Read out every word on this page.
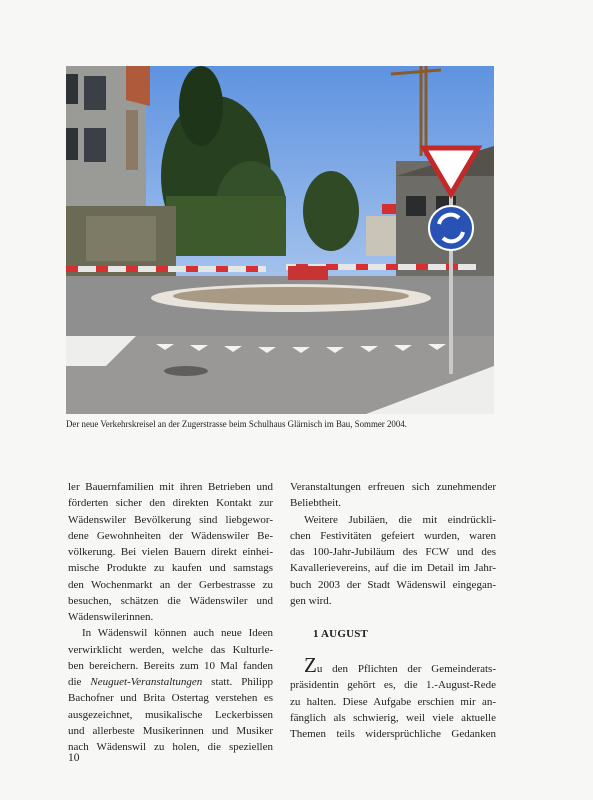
Der neue Verkehrskreisel an der Zugerstrasse beim Schulhaus Glärnisch im Bau, Sommer 2004.

ler Bauernfamilien mit ihren Betrieben und
förderten sicher den direkten Kontakt zur
Wädenswiler Bevölkerung sind liebgewor-
dene Gewohnheiten der Wädenswiler Be-
völkerung. Bei vielen Bauern direkt einhei-
mische Produkte zu kaufen und samstags
den Wochenmarkt an der Gerbestrasse zu
besuchen, schätzen die Wädenswiler und
Wädenswilerinnen.

In Wädenswil können auch neue Ideen
verwirklicht werden, welche das Kulturle-
ben bereichern. Bereits zum 10 Mal fanden
die Neuguet-Veranstaltungen statt. Philipp
Bachofner und Brita Ostertag verstehen es
ausgezeichnet, musikalische Leckerbissen
und allerbeste Musikerinnen und Musiker
nach Wädenswil zu holen, die speziellen

Veranstaltungen erfreuen sich zunehmender
Beliebtheit.

Weitere Jubiläen, die mit eindrückli-
chen Festivitäten gefeiert wurden, waren
das 100-Jahr-Jubiläum des FCW und des
Kavallerievereins, auf die im Detail im Jahr-
buch 2003 der Stadt Wädenswil eingegan-
gen wird.

1 AUGUST

Zu den Pflichten der Gemeinderats-
präsidentin gehört es, die 1.-August-Rede
zu halten. Diese Aufgabe erschien mir an-
fänglich als schwierig, weil viele aktuelle
Themen teils widersprüchliche Gedanken

10
